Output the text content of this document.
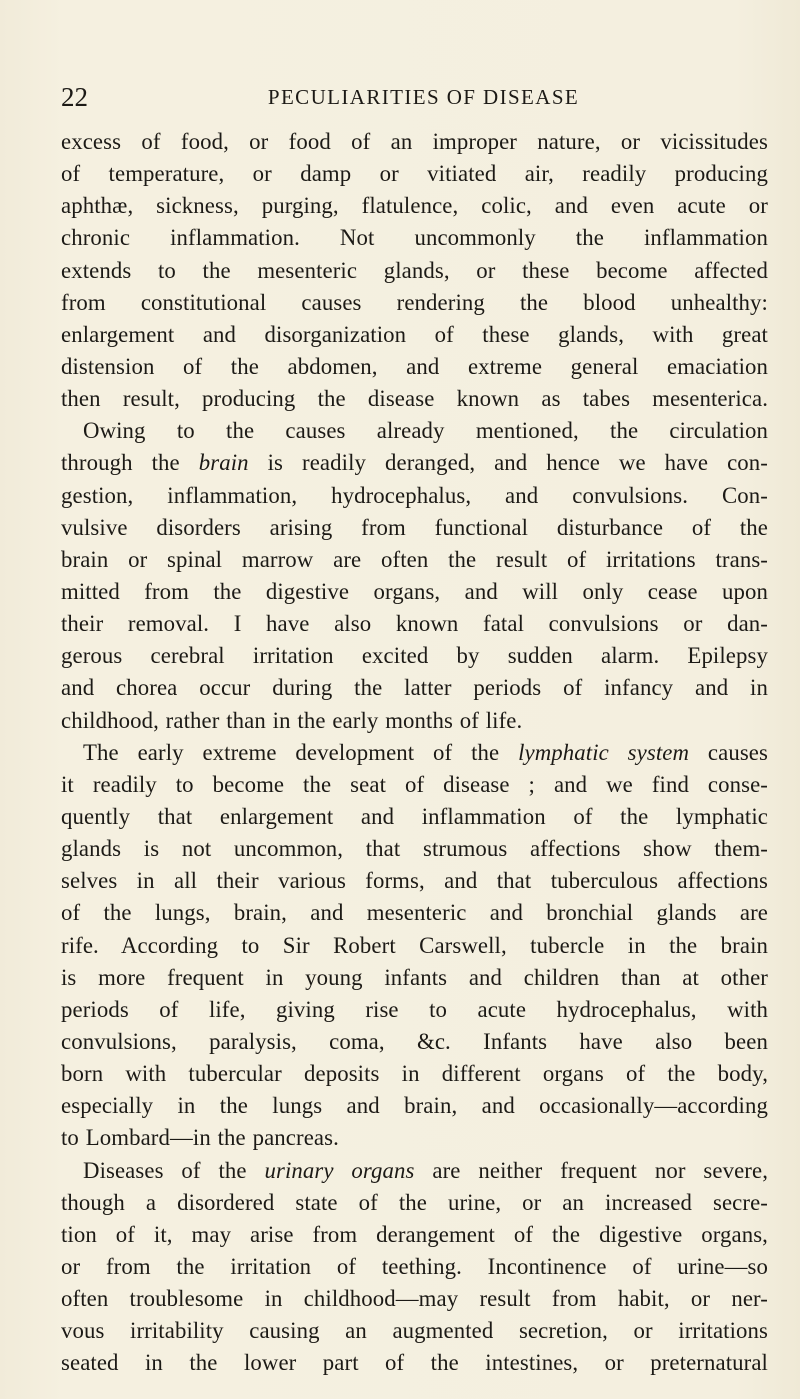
22	PECULIARITIES OF DISEASE
excess of food, or food of an improper nature, or vicissitudes
of temperature, or damp or vitiated air, readily producing
aphthæ, sickness, purging, flatulence, colic, and even acute or
chronic inflammation. Not uncommonly the inflammation
extends to the mesenteric glands, or these become affected
from constitutional causes rendering the blood unhealthy:
enlargement and disorganization of these glands, with great
distension of the abdomen, and extreme general emaciation
then result, producing the disease known as tabes mesenterica.
Owing to the causes already mentioned, the circulation
through the brain is readily deranged, and hence we have con-
gestion, inflammation, hydrocephalus, and convulsions. Con-
vulsive disorders arising from functional disturbance of the
brain or spinal marrow are often the result of irritations trans-
mitted from the digestive organs, and will only cease upon
their removal. I have also known fatal convulsions or dan-
gerous cerebral irritation excited by sudden alarm. Epilepsy
and chorea occur during the latter periods of infancy and in
childhood, rather than in the early months of life.
The early extreme development of the lymphatic system causes
it readily to become the seat of disease ; and we find conse-
quently that enlargement and inflammation of the lymphatic
glands is not uncommon, that strumous affections show them-
selves in all their various forms, and that tuberculous affections
of the lungs, brain, and mesenteric and bronchial glands are
rife. According to Sir Robert Carswell, tubercle in the brain
is more frequent in young infants and children than at other
periods of life, giving rise to acute hydrocephalus, with
convulsions, paralysis, coma, &c. Infants have also been
born with tubercular deposits in different organs of the body,
especially in the lungs and brain, and occasionally—according
to Lombard—in the pancreas.
Diseases of the urinary organs are neither frequent nor severe,
though a disordered state of the urine, or an increased secre-
tion of it, may arise from derangement of the digestive organs,
or from the irritation of teething. Incontinence of urine—so
often troublesome in childhood—may result from habit, or ner-
vous irritability causing an augmented secretion, or irritations
seated in the lower part of the intestines, or preternatural
